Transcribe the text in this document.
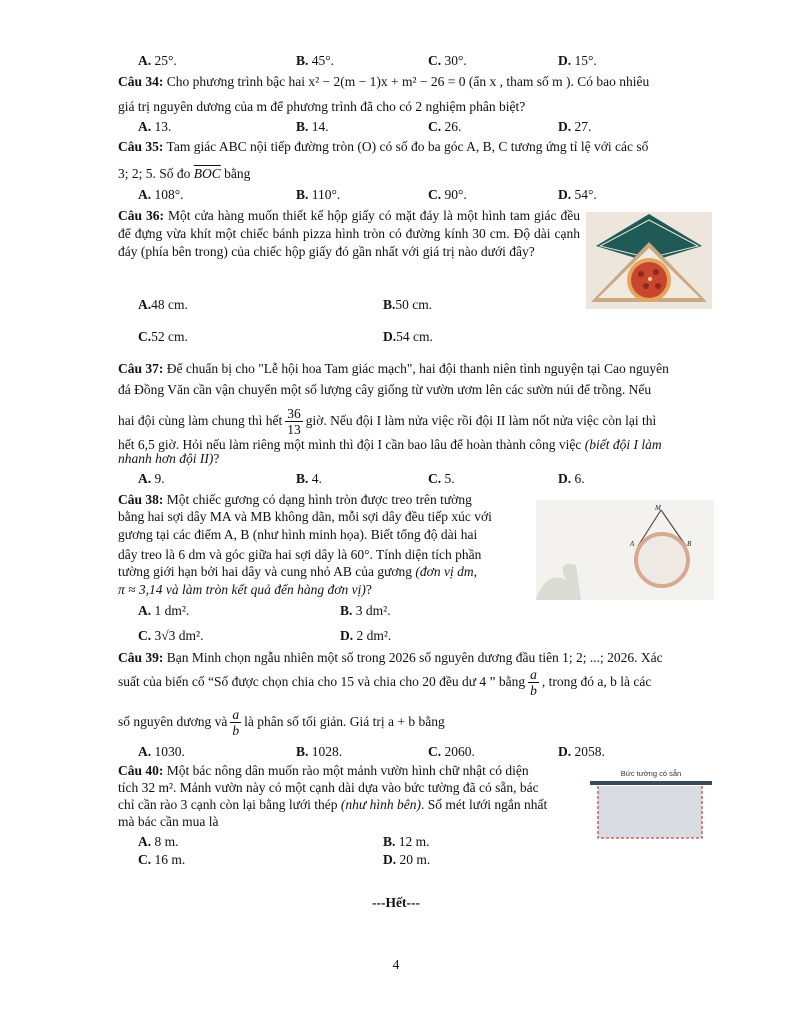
A. 25°.	B. 45°.	C. 30°.	D. 15°.
Câu 34: Cho phương trình bậc hai x² − 2(m − 1)x + m² − 26 = 0 (ẩn x , tham số m ). Có bao nhiêu
giá trị nguyên dương của m để phương trình đã cho có 2 nghiệm phân biệt?
A. 13.	B. 14.	C. 26.	D. 27.
Câu 35: Tam giác ABC nội tiếp đường tròn (O) có số đo ba góc A, B, C tương ứng tỉ lệ với các số
3; 2; 5. Số đo $\overline{BOC}$ bằng
A. 108°.	B. 110°.	C. 90°.	D. 54°.
Câu 36: Một cửa hàng muốn thiết kế hộp giấy có mặt đáy là một hình tam giác đều để đựng vừa khít một chiếc bánh pizza hình tròn có đường kính 30 cm. Độ dài cạnh đáy (phía bên trong) của chiếc hộp giấy đó gần nhất với giá trị nào dưới đây?
A.48 cm.	B.50 cm.
C.52 cm.	D.54 cm.
Câu 37: Để chuẩn bị cho "Lễ hội hoa Tam giác mạch", hai đội thanh niên tình nguyện tại Cao nguyên
đá Đồng Văn cần vận chuyển một số lượng cây giống từ vườn ươm lên các sườn núi để trồng. Nếu
hai đội cùng làm chung thì hết $\frac{36}{13}$ giờ. Nếu đội I làm nửa việc rồi đội II làm nốt nửa việc còn lại thì
hết 6,5 giờ. Hỏi nếu làm riêng một mình thì đội I cần bao lâu để hoàn thành công việc (biết đội I làm
nhanh hơn đội II)?
A. 9.	B. 4.	C. 5.	D. 6.
Câu 38: Một chiếc gương có dạng hình tròn được treo trên tường
bằng hai sợi dây MA và MB không dãn, mỗi sợi dây đều tiếp xúc với
gương tại các điểm A, B (như hình minh họa). Biết tổng độ dài hai
dây treo là 6 dm và góc giữa hai sợi dây là 60°. Tính diện tích phần
tường giới hạn bởi hai dây và cung nhỏ AB của gương (đơn vị dm,
π ≈ 3,14 và làm tròn kết quả đến hàng đơn vị)?
M
A	B
A. 1 dm².	B. 3 dm².
C. 3√3 dm².	D. 2 dm².
Câu 39: Bạn Minh chọn ngẫu nhiên một số trong 2026 số nguyên dương đầu tiên 1; 2; ...; 2026. Xác
suất của biến cố “Số được chọn chia cho 15 và chia cho 20 đều dư 4 ” bằng $\frac{a}{b}$ , trong đó a, b là các
số nguyên dương và $\frac{a}{b}$ là phân số tối giản. Giá trị a + b bằng
A. 1030.	B. 1028.	C. 2060.	D. 2058.
Câu 40: Một bác nông dân muốn rào một mảnh vườn hình chữ nhật có diện
tích 32 m². Mảnh vườn này có một cạnh dài dựa vào bức tường đã có sẵn, bác
chỉ cần rào 3 cạnh còn lại bằng lưới thép (như hình bên). Số mét lưới ngắn nhất
mà bác cần mua là
Bức tường có sẵn
A. 8 m.	B. 12 m.
C. 16 m.	D. 20 m.
---Hết---
4
